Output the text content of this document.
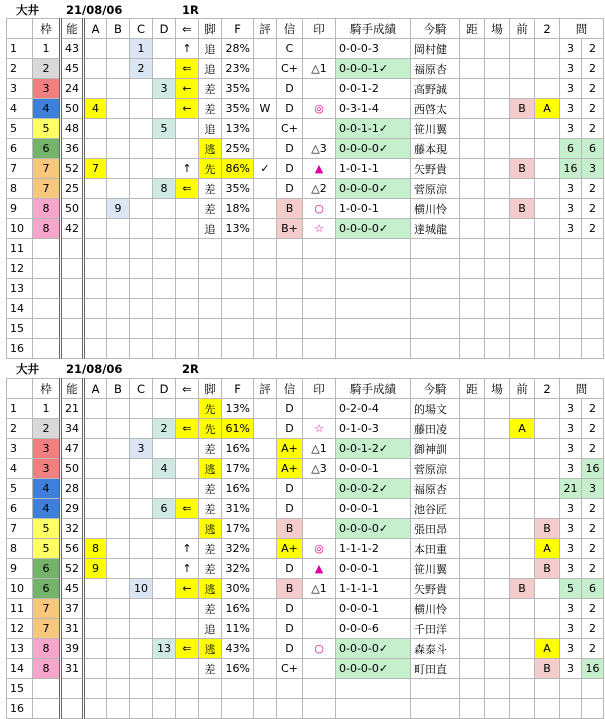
大井 21/08/06	1R
	枠	能	A	B	C	D	⇐	脚	F	評	信	印	騎手成績	今騎	距	場	前	2	間	
1	1	43			1		↑	追	28%		C		0-0-0-3	岡村健					3	2
2	2	45			2		⇐	追	23%		C+	△1	0-0-0-1✓	福原杏					3	2
3	3	24				3	←	差	35%		D		0-0-1-2	高野誠					3	2
4	4	50	4				←	差	35%	W	D	◎	0-3-1-4	西啓太			B	A	3	2
5	5	48				5		追	13%		C+		0-0-1-1✓	笹川翼					3	2
6	6	36						逃	25%		D	△3	0-0-0-0✓	藤本現					6	6
7	7	52	7				↑	先	86%	✓	D	▲	1-0-1-1	矢野貴			B		16	3
8	7	25				8	⇐	差	35%		D	△2	0-0-0-0✓	菅原涼					3	2
9	8	50		9				差	18%		B	○	1-0-0-1	横川怜			B		3	2
10	8	42						追	13%		B+	☆	0-0-0-0✓	達城龍					3	2
11																				
12																				
13																				
14																				
15																				
16																				
大井 21/08/06	2R
	枠	能	A	B	C	D	⇐	脚	F	評	信	印	騎手成績	今騎	距	場	前	2	間	
1	1	21						先	13%		D		0-2-0-4	的場文					3	2
2	2	34				2	⇐	先	61%		D	☆	0-1-0-3	藤田凌			A		3	2
3	3	47			3			差	16%		A+	△1	0-0-1-2✓	御神訓					3	2
4	3	50				4		逃	17%		A+	△3	0-0-0-1	菅原涼					3	16
5	4	28						差	16%		D		0-0-0-2✓	福原杏					21	3
6	4	29				6	⇐	差	31%		D		0-0-0-1	池谷匠					3	2
7	5	32						逃	17%		B		0-0-0-0✓	張田昂				B	3	2
8	5	56	8				↑	差	32%		A+	◎	1-1-1-2	本田重				A	3	2
9	6	52	9				↑	差	32%		D	▲	0-0-0-1	笹川翼				B	3	2
10	6	45			10		←	逃	30%		B	△1	1-1-1-1	矢野貴			B		5	6
11	7	37						差	16%		D		0-0-0-1	横川怜					3	2
12	7	31						追	11%		D		0-0-0-6	千田洋					3	2
13	8	39				13	⇐	逃	43%		D	○	0-0-0-0✓	森泰斗				A	3	2
14	8	31						差	16%		C+		0-0-0-0✓	町田直				B	3	16
15																				
16																				
